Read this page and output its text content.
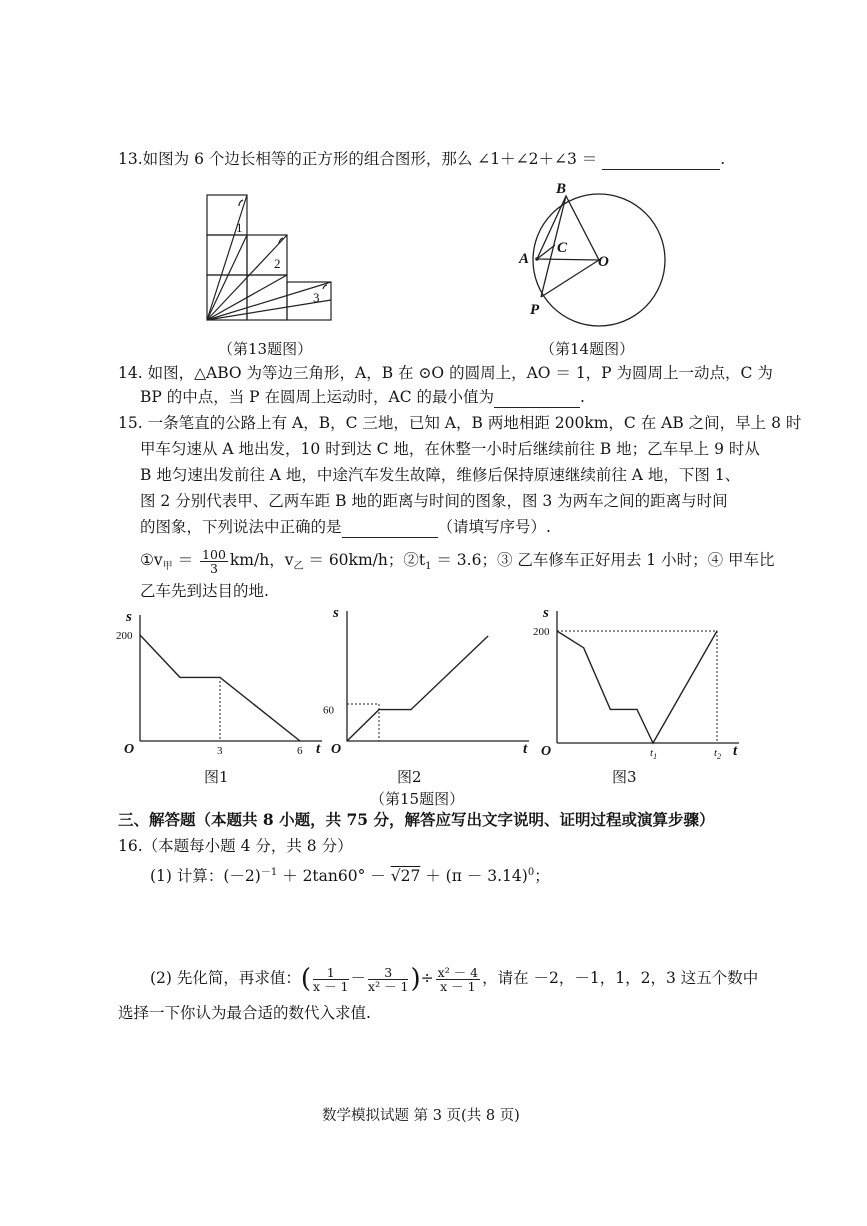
13.如图为 6 个边长相等的正方形的组合图形，那么 ∠1＋∠2＋∠3 ＝	.
1
2
3
（第13题图）
B
A
C
O
P
（第14题图）
14. 如图，△ABO 为等边三角形，A，B 在 ⊙O 的圆周上，AO ＝ 1，P 为圆周上一动点，C 为
BP 的中点，当 P 在圆周上运动时，AC 的最小值为	.
15. 一条笔直的公路上有 A，B，C 三地，已知 A，B 两地相距 200km，C 在 AB 之间，早上 8 时
甲车匀速从 A 地出发，10 时到达 C 地，在休整一小时后继续前往 B 地；乙车早上 9 时从
B 地匀速出发前往 A 地，中途汽车发生故障，维修后保持原速继续前往 A 地，下图 1、
图 2 分别代表甲、乙两车距 B 地的距离与时间的图象，图 3 为两车之间的距离与时间
的图象，下列说法中正确的是	（请填写序号）.
$①v_甲 = \frac{100}{3} km/h$，$v_乙 = 60km/h$；$②t_1 = 3.6$；③ 乙车修车正好用去 1 小时；④ 甲车比
乙车先到达目的地.
O	t
s
3	6
200
O	t
s
60
O	t
s
$t_1$	$t_2$
200
图1	图2	图3
（第15题图）
三、解答题（本题共 8 小题，共 75 分，解答应写出文字说明、证明过程或演算步骤）
16.（本题每小题 4 分，共 8 分）
(1) 计算：$(-2)^{-1} + 2\tan 60^\circ - √27 + (\pi - 3.14)^0$；
(2) 先化简，再求值：( $\frac{1}{x - 1} - \frac{3}{\text{x² － 1}}$ )÷ $\frac{\text{x² － 4}}{x - 1}$ ，请在 －2，－1，1，2，3 这五个数中
选择一下你认为最合适的数代入求值.
数学模拟试题 第 3 页(共 8 页)
